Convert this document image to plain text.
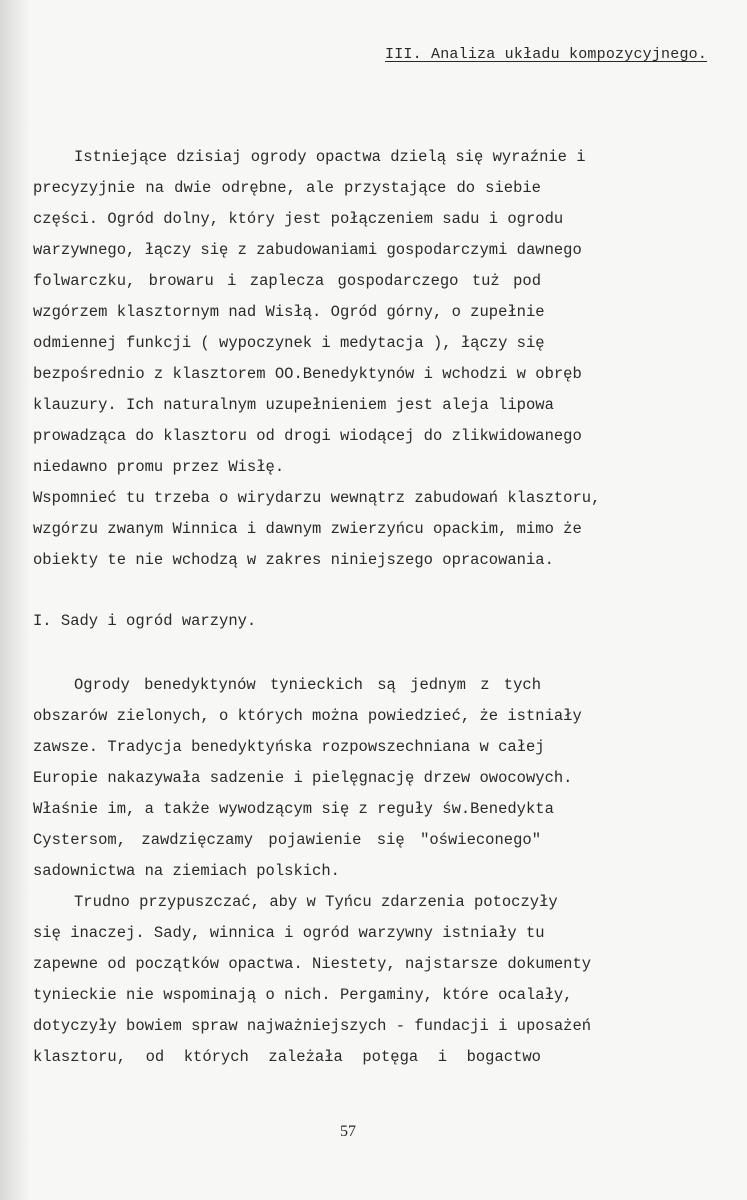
III. Analiza układu kompozycyjnego.
Istniejące dzisiaj ogrody opactwa dzielą się wyraźnie i
precyzyjnie na dwie odrębne, ale przystające do siebie
części. Ogród dolny, który jest połączeniem sadu i ogrodu
warzywnego, łączy się z zabudowaniami gospodarczymi dawnego
folwarczku, browaru i zaplecza gospodarczego tuż pod
wzgórzem klasztornym nad Wisłą. Ogród górny, o zupełnie
odmiennej funkcji ( wypoczynek i medytacja ), łączy się
bezpośrednio z klasztorem OO.Benedyktynów i wchodzi w obręb
klauzury. Ich naturalnym uzupełnieniem jest aleja lipowa
prowadząca do klasztoru od drogi wiodącej do zlikwidowanego
niedawno promu przez Wisłę.
Wspomnieć tu trzeba o wirydarzu wewnątrz zabudowań klasztoru,
wzgórzu zwanym Winnica i dawnym zwierzyńcu opackim, mimo że
obiekty te nie wchodzą w zakres niniejszego opracowania.
I. Sady i ogród warzyny.
Ogrody benedyktynów tynieckich są jednym z tych
obszarów zielonych, o których można powiedzieć, że istniały
zawsze. Tradycja benedyktyńska rozpowszechniana w całej
Europie nakazywała sadzenie i pielęgnację drzew owocowych.
Właśnie im, a także wywodzącym się z reguły św.Benedykta
Cystersom, zawdzięczamy pojawienie się "oświeconego"
sadownictwa na ziemiach polskich.
Trudno przypuszczać, aby w Tyńcu zdarzenia potoczyły
się inaczej. Sady, winnica i ogród warzywny istniały tu
zapewne od początków opactwa. Niestety, najstarsze dokumenty
tynieckie nie wspominają o nich. Pergaminy, które ocalały,
dotyczyły bowiem spraw najważniejszych - fundacji i uposażeń
klasztoru, od których zależała potęga i bogactwo
57
